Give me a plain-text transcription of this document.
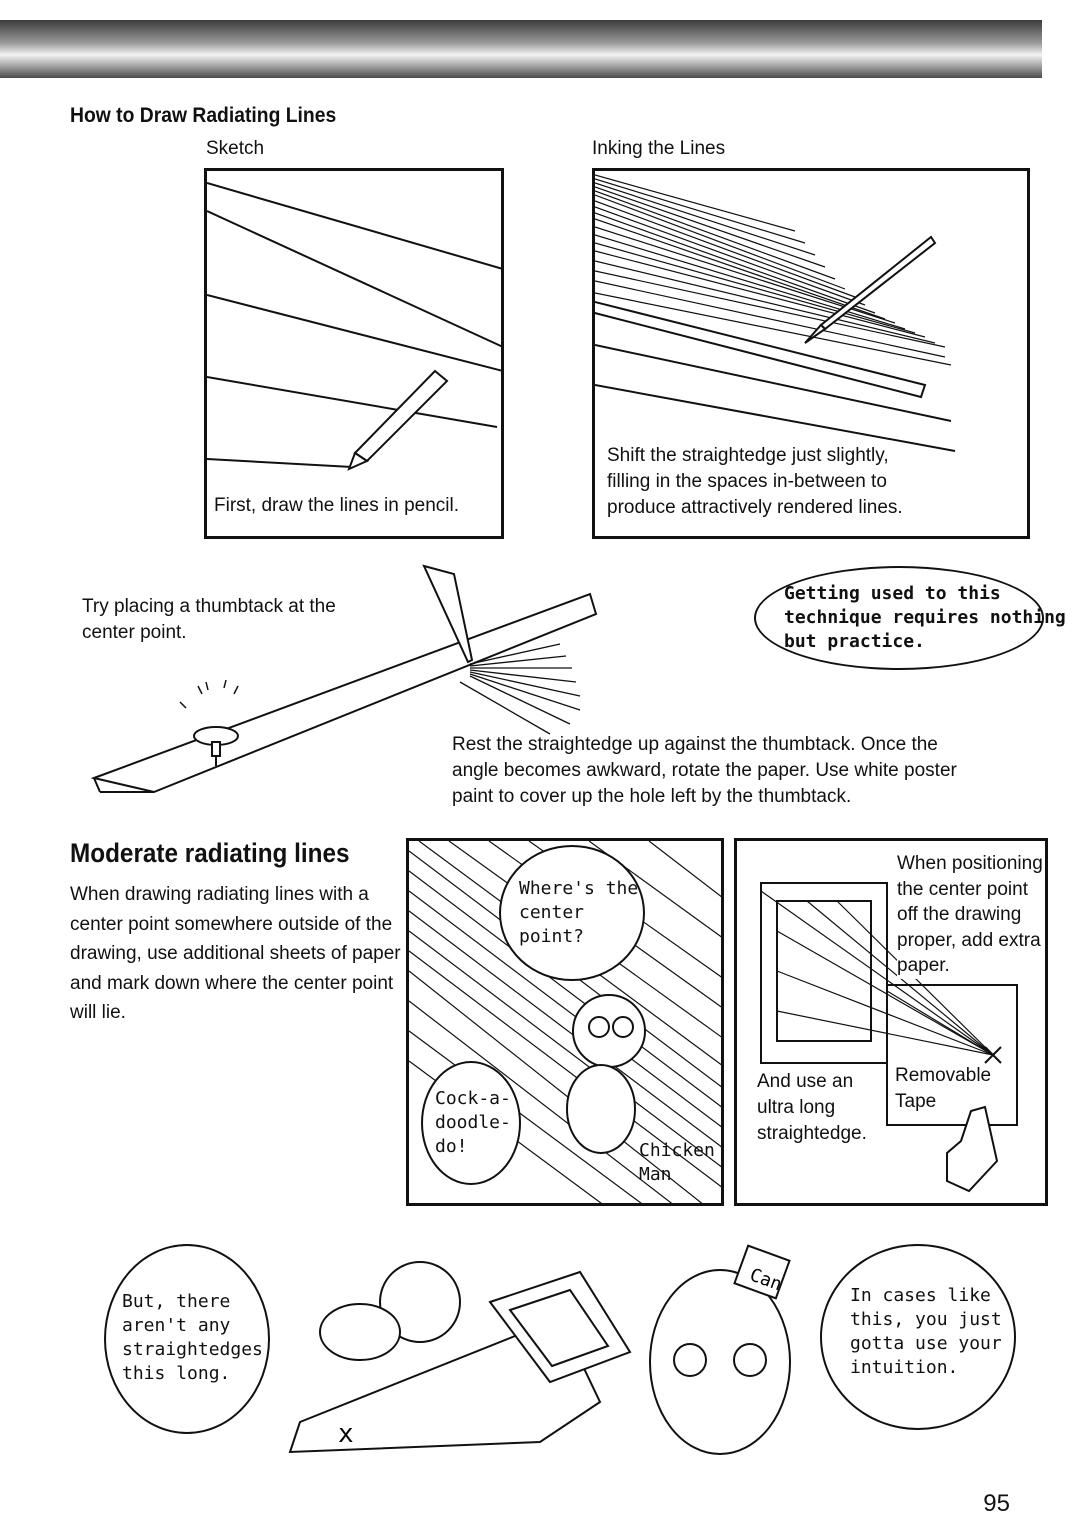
How to Draw Radiating Lines
Sketch	Inking the Lines
First, draw the lines in pencil.
Shift the straightedge just slightly,
filling in the spaces in-between to
produce attractively rendered lines.
Try placing a thumbtack at the
center point.
Getting used to this
technique requires nothing
but practice.
Rest the straightedge up against the thumbtack. Once the
angle becomes awkward, rotate the paper. Use white poster
paint to cover up the hole left by the thumbtack.
Moderate radiating lines
When drawing radiating lines with a
center point somewhere outside of the
drawing, use additional sheets of paper
and mark down where the center point
will lie.
Where's the
center
point?
Cock-a-
doodle-
do!	Chicken
Man
When positioning
the center point
off the drawing
proper, add extra
paper.
And use an
ultra long
straightedge.
Removable
Tape
x
Can
But, there
aren't any
straightedges
this long.
In cases like
this, you just
gotta use your
intuition.
95
